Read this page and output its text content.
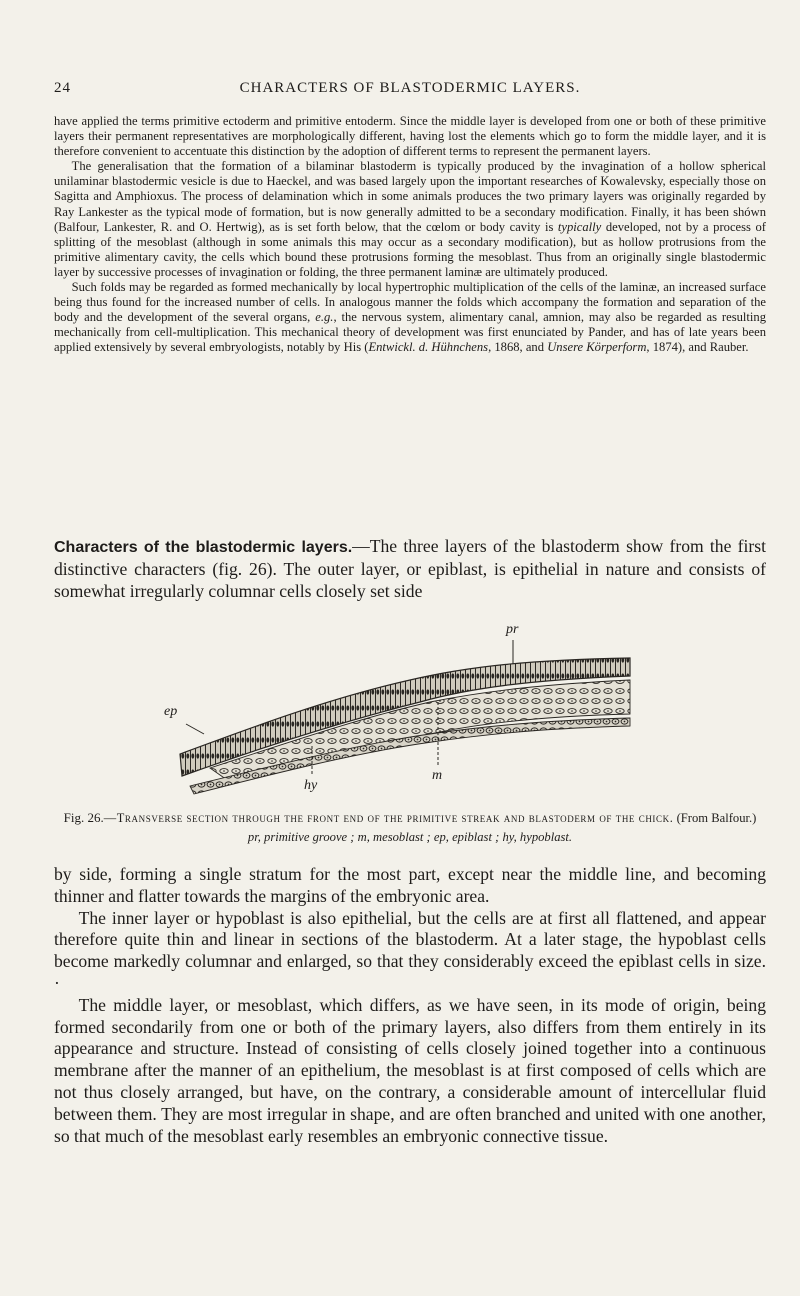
24	CHARACTERS OF BLASTODERMIC LAYERS.

have applied the terms primitive ectoderm and primitive entoderm. Since the middle layer is developed from one or both of these primitive layers their permanent representatives are morphologically different, having lost the elements which go to form the middle layer, and it is therefore convenient to accentuate this distinction by the adoption of different terms to represent the permanent layers.

The generalisation that the formation of a bilaminar blastoderm is typically produced by the invagination of a hollow spherical unilaminar blastodermic vesicle is due to Haeckel, and was based largely upon the important researches of Kowalevsky, especially those on Sagitta and Amphioxus. The process of delamination which in some animals produces the two primary layers was originally regarded by Ray Lankester as the typical mode of formation, but is now generally admitted to be a secondary modification. Finally, it has been shówn (Balfour, Lankester, R. and O. Hertwig), as is set forth below, that the cœlom or body cavity is typically developed, not by a process of splitting of the mesoblast (although in some animals this may occur as a secondary modification), but as hollow protrusions from the primitive alimentary cavity, the cells which bound these protrusions forming the mesoblast. Thus from an originally single blastodermic layer by successive processes of invagination or folding, the three permanent laminæ are ultimately produced.

Such folds may be regarded as formed mechanically by local hypertrophic multiplication of the cells of the laminæ, an increased surface being thus found for the increased number of cells. In analogous manner the folds which accompany the formation and separation of the body and the development of the several organs, e.g., the nervous system, alimentary canal, amnion, may also be regarded as resulting mechanically from cell-multiplication. This mechanical theory of development was first enunciated by Pander, and has of late years been applied extensively by several embryologists, notably by His (Entwickl. d. Hühnchens, 1868, and Unsere Körperform, 1874), and Rauber.

Characters of the blastodermic layers.—The three layers of the blastoderm show from the first distinctive characters (fig. 26). The outer layer, or epiblast, is epithelial in nature and consists of somewhat irregularly columnar cells closely set side

pr
ep
m
hy
Fig. 26.—Transverse section through the front end of the primitive streak and blastoderm of the chick. (From Balfour.)
pr, primitive groove ; m, mesoblast ; ep, epiblast ; hy, hypoblast.

by side, forming a single stratum for the most part, except near the middle line, and becoming thinner and flatter towards the margins of the embryonic area.

The inner layer or hypoblast is also epithelial, but the cells are at first all flattened, and appear therefore quite thin and linear in sections of the blastoderm. At a later stage, the hypoblast cells become markedly columnar and enlarged, so that they considerably exceed the epiblast cells in size. ·

The middle layer, or mesoblast, which differs, as we have seen, in its mode of origin, being formed secondarily from one or both of the primary layers, also differs from them entirely in its appearance and structure. Instead of consisting of cells closely joined together into a continuous membrane after the manner of an epithelium, the mesoblast is at first composed of cells which are not thus closely arranged, but have, on the contrary, a considerable amount of intercellular fluid between them. They are most irregular in shape, and are often branched and united with one another, so that much of the mesoblast early resembles an embryonic connective tissue.
